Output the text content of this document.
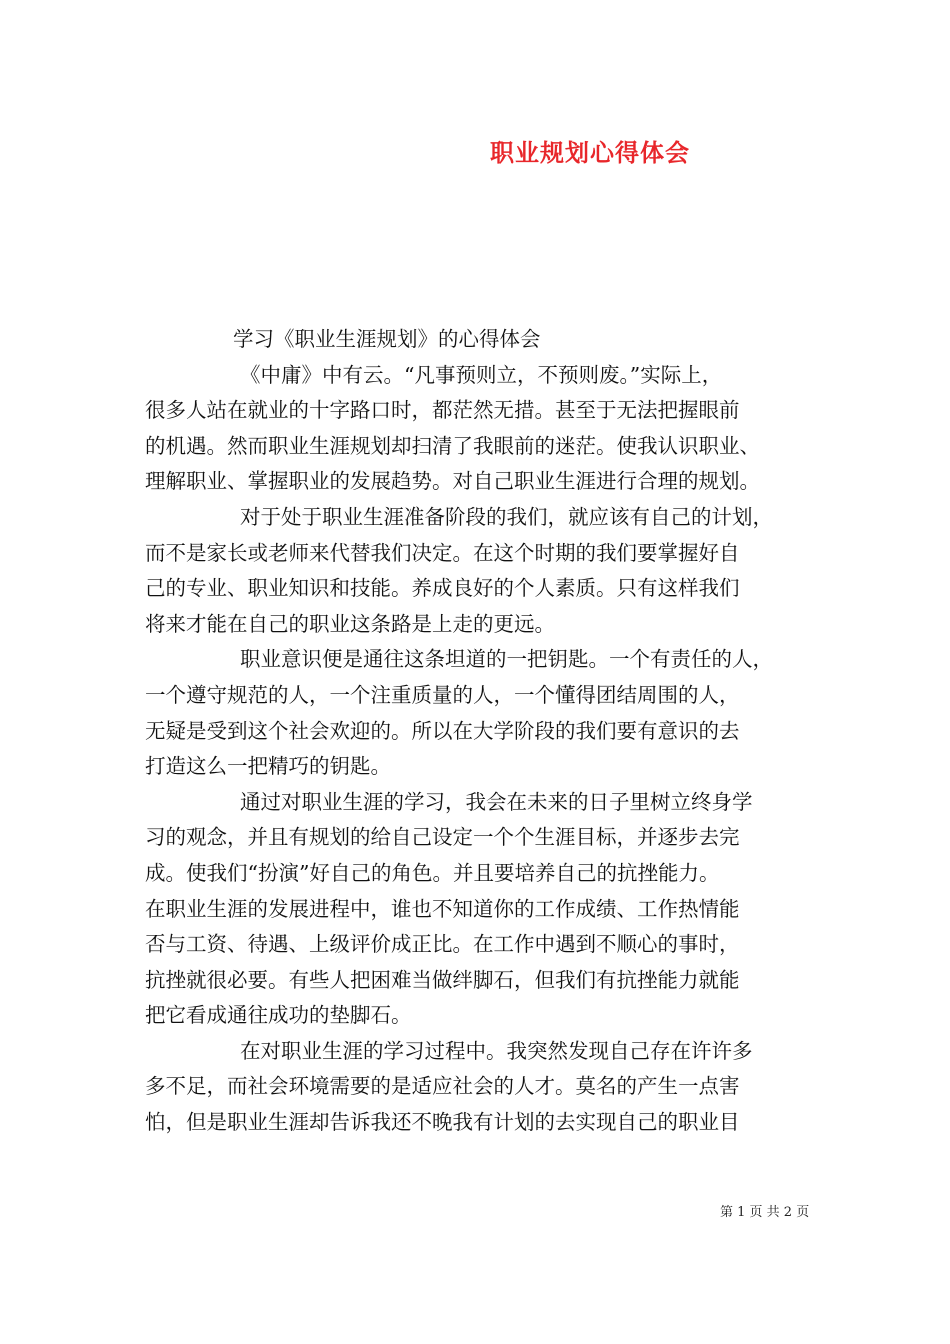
职业规划心得体会
学习《职业生涯规划》的心得体会
《中庸》中有云。“凡事预则立，不预则废。”实际上，
很多人站在就业的十字路口时，都茫然无措。甚至于无法把握眼前
的机遇。然而职业生涯规划却扫清了我眼前的迷茫。使我认识职业、
理解职业、掌握职业的发展趋势。对自己职业生涯进行合理的规划。
对于处于职业生涯准备阶段的我们，就应该有自己的计划，
而不是家长或老师来代替我们决定。在这个时期的我们要掌握好自
己的专业、职业知识和技能。养成良好的个人素质。只有这样我们
将来才能在自己的职业这条路是上走的更远。
职业意识便是通往这条坦道的一把钥匙。一个有责任的人，
一个遵守规范的人，一个注重质量的人，一个懂得团结周围的人，
无疑是受到这个社会欢迎的。所以在大学阶段的我们要有意识的去
打造这么一把精巧的钥匙。
通过对职业生涯的学习，我会在未来的日子里树立终身学
习的观念，并且有规划的给自己设定一个个生涯目标，并逐步去完
成。使我们“扮演”好自己的角色。并且要培养自己的抗挫能力。
在职业生涯的发展进程中，谁也不知道你的工作成绩、工作热情能
否与工资、待遇、上级评价成正比。在工作中遇到不顺心的事时，
抗挫就很必要。有些人把困难当做绊脚石，但我们有抗挫能力就能
把它看成通往成功的垫脚石。
在对职业生涯的学习过程中。我突然发现自己存在许许多
多不足，而社会环境需要的是适应社会的人才。莫名的产生一点害
怕，但是职业生涯却告诉我还不晚我有计划的去实现自己的职业目
第 1 页 共 2 页
